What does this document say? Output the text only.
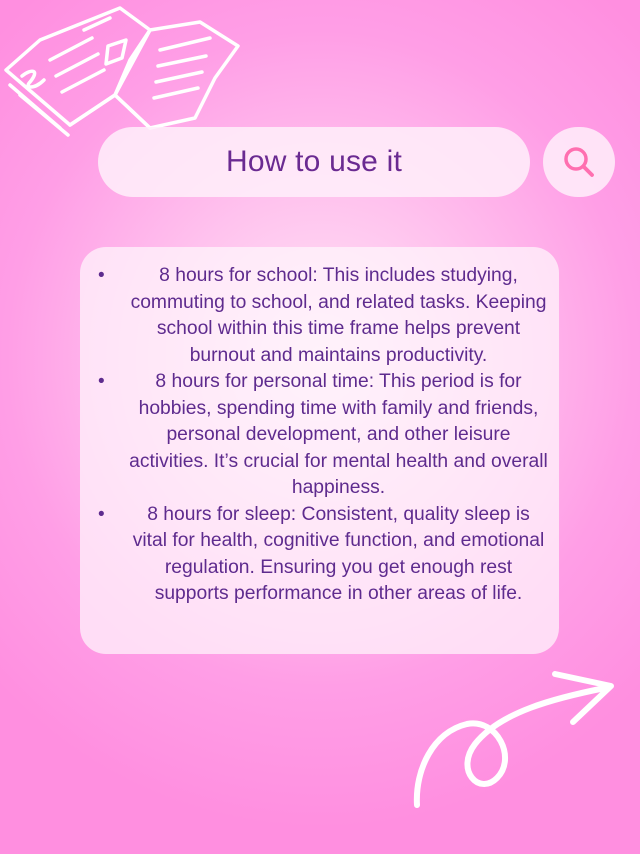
How to use it
•	8 hours for school: This includes studying, commuting to school, and related tasks. Keeping school within this time frame helps prevent burnout and maintains productivity.
•	8 hours for personal time: This period is for hobbies, spending time with family and friends, personal development, and other leisure activities. It’s crucial for mental health and overall happiness.
• 8 hours for sleep: Consistent, quality sleep is vital for health, cognitive function, and emotional regulation. Ensuring you get enough rest supports performance in other areas of life.
